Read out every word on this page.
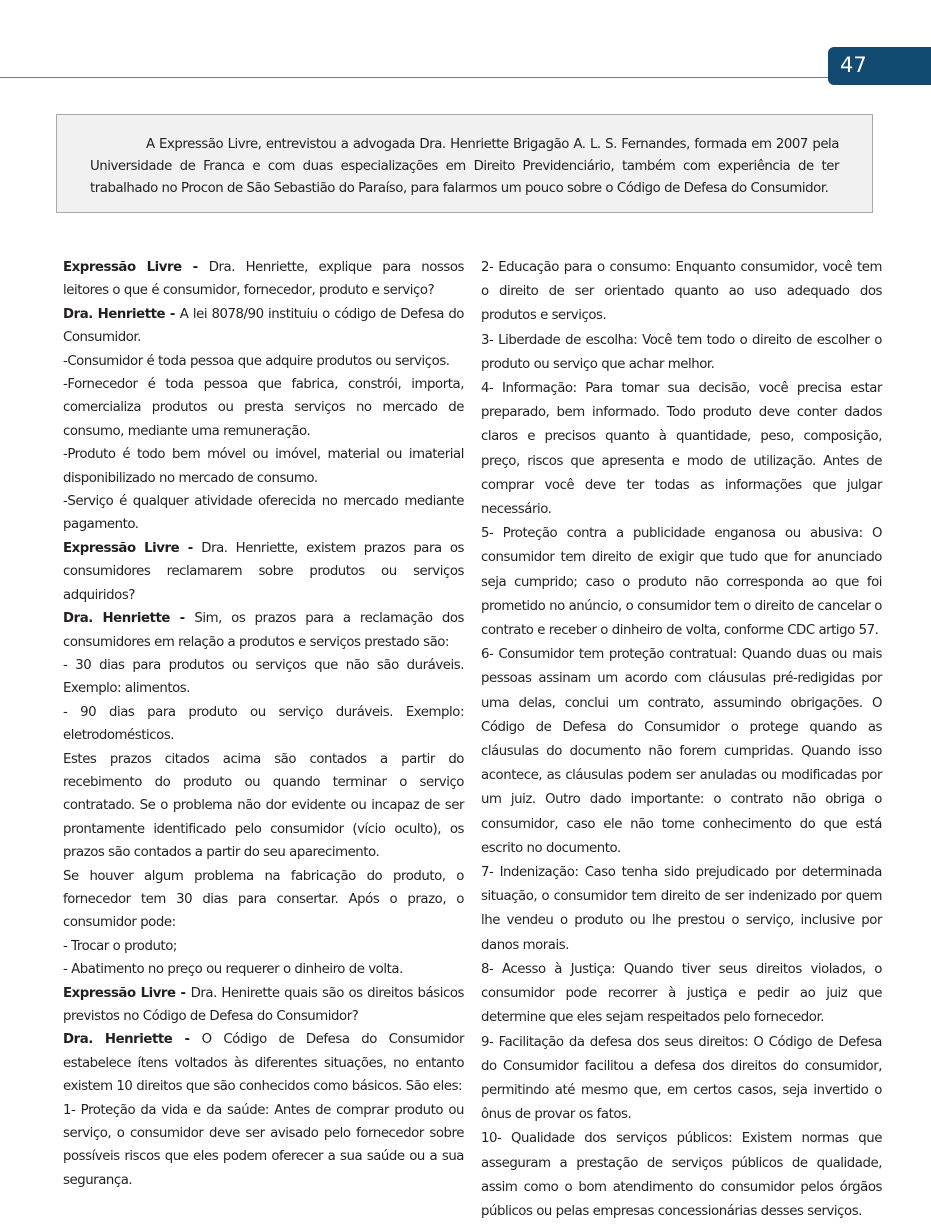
47

A Expressão Livre, entrevistou a advogada Dra. Henriette Brigagão A. L. S. Fernandes, formada em 2007 pela Universidade de Franca e com duas especializações em Direito Previdenciário, também com experiência de ter trabalhado no Procon de São Sebastião do Paraíso, para falarmos um pouco sobre o Código de Defesa do Consumidor.

Expressão Livre - Dra. Henriette, explique para nossos leitores o que é consumidor, fornecedor, produto e serviço?

Dra. Henriette - A lei 8078/90 instituiu o código de Defesa do Consumidor.

-Consumidor é toda pessoa que adquire produtos ou serviços.

-Fornecedor é toda pessoa que fabrica, constrói, importa, comercializa produtos ou presta serviços no mercado de consumo, mediante uma remuneração.

-Produto é todo bem móvel ou imóvel, material ou imaterial disponibilizado no mercado de consumo.

-Serviço é qualquer atividade oferecida no mercado mediante pagamento.

Expressão Livre - Dra. Henriette, existem prazos para os consumidores reclamarem sobre produtos ou serviços adquiridos?

Dra. Henriette - Sim, os prazos para a reclamação dos consumidores em relação a produtos e serviços prestado são:

- 30 dias para produtos ou serviços que não são duráveis. Exemplo: alimentos.

- 90 dias para produto ou serviço duráveis. Exemplo: eletrodomésticos.

Estes prazos citados acima são contados a partir do recebimento do produto ou quando terminar o serviço contratado. Se o problema não dor evidente ou incapaz de ser prontamente identificado pelo consumidor (vício oculto), os prazos são contados a partir do seu aparecimento.

Se houver algum problema na fabricação do produto, o fornecedor tem 30 dias para consertar. Após o prazo, o consumidor pode:

- Trocar o produto;

- Abatimento no preço ou requerer o dinheiro de volta.

Expressão Livre - Dra. Henirette quais são os direitos básicos previstos no Código de Defesa do Consumidor?

Dra. Henriette - O Código de Defesa do Consumidor estabelece ítens voltados às diferentes situações, no entanto existem 10 direitos que são conhecidos como básicos. São eles:

1- Proteção da vida e da saúde: Antes de comprar produto ou serviço, o consumidor deve ser avisado pelo fornecedor sobre possíveis riscos que eles podem oferecer a sua saúde ou a sua segurança.

2- Educação para o consumo: Enquanto consumidor, você tem o direito de ser orientado quanto ao uso adequado dos produtos e serviços.

3- Liberdade de escolha: Você tem todo o direito de escolher o produto ou serviço que achar melhor.

4- Informação: Para tomar sua decisão, você precisa estar preparado, bem informado. Todo produto deve conter dados claros e precisos quanto à quantidade, peso, composição, preço, riscos que apresenta e modo de utilização. Antes de comprar você deve ter todas as informações que julgar necessário.

5- Proteção contra a publicidade enganosa ou abusiva: O consumidor tem direito de exigir que tudo que for anunciado seja cumprido; caso o produto não corresponda ao que foi prometido no anúncio, o consumidor tem o direito de cancelar o contrato e receber o dinheiro de volta, conforme CDC artigo 57.

6- Consumidor tem proteção contratual: Quando duas ou mais pessoas assinam um acordo com cláusulas pré-redigidas por uma delas, conclui um contrato, assumindo obrigações. O Código de Defesa do Consumidor o protege quando as cláusulas do documento não forem cumpridas. Quando isso acontece, as cláusulas podem ser anuladas ou modificadas por um juiz. Outro dado importante: o contrato não obriga o consumidor, caso ele não tome conhecimento do que está escrito no documento.

7- Indenização: Caso tenha sido prejudicado por determinada situação, o consumidor tem direito de ser indenizado por quem lhe vendeu o produto ou lhe prestou o serviço, inclusive por danos morais.

8- Acesso à Justiça: Quando tiver seus direitos violados, o consumidor pode recorrer à justiça e pedir ao juiz que determine que eles sejam respeitados pelo fornecedor.

9- Facilitação da defesa dos seus direitos: O Código de Defesa do Consumidor facilitou a defesa dos direitos do consumidor, permitindo até mesmo que, em certos casos, seja invertido o ônus de provar os fatos.

10- Qualidade dos serviços públicos: Existem normas que asseguram a prestação de serviços públicos de qualidade, assim como o bom atendimento do consumidor pelos órgãos públicos ou pelas empresas concessionárias desses serviços.
